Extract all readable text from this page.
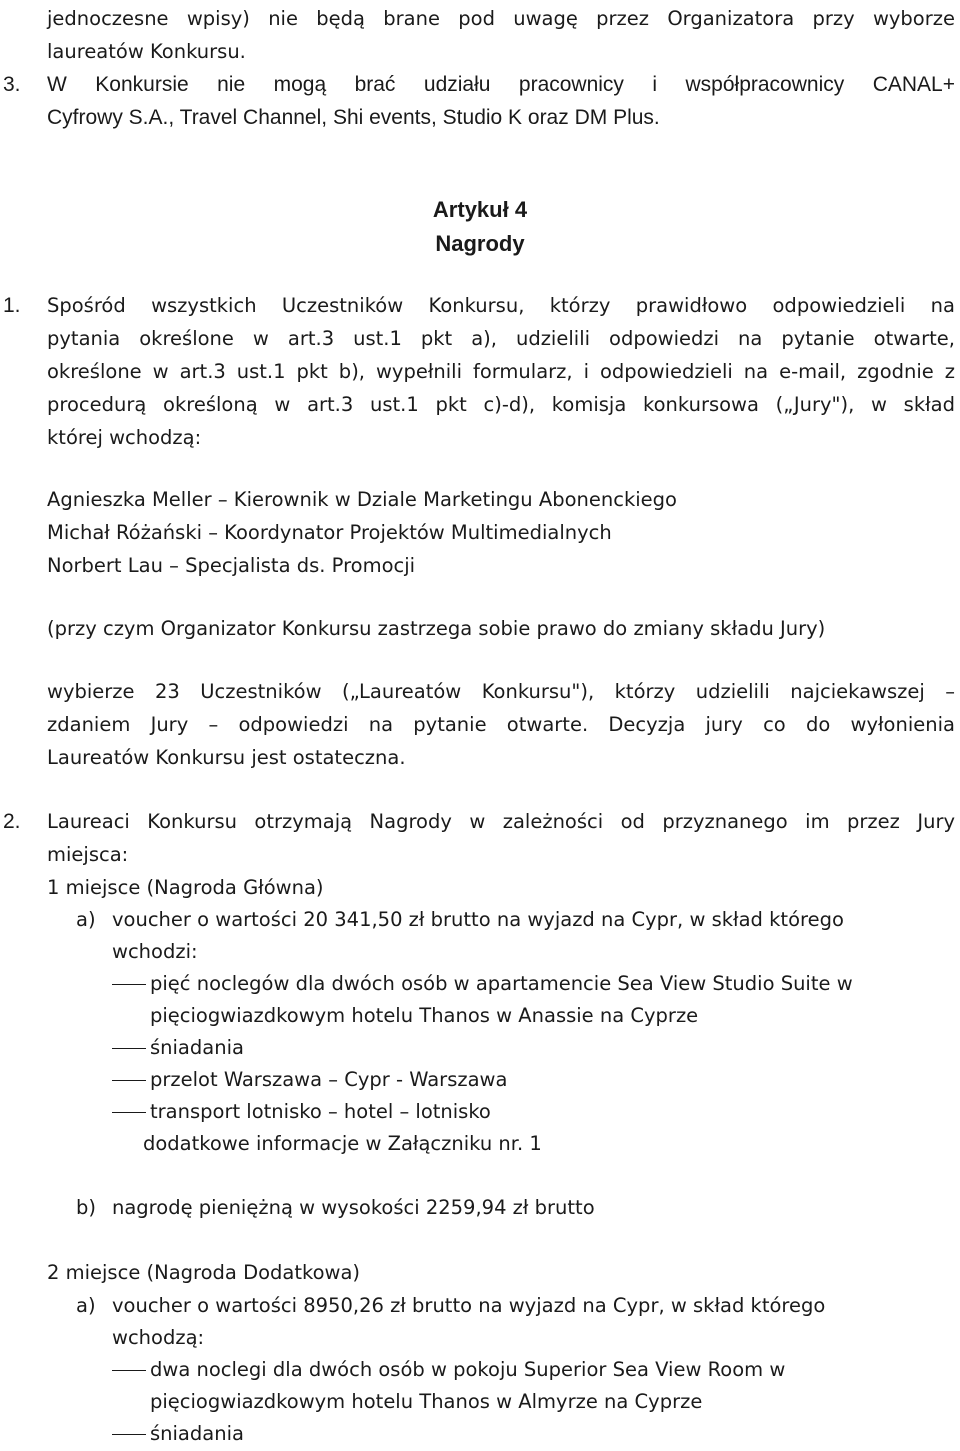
jednoczesne wpisy) nie będą brane pod uwagę przez Organizatora przy wyborze
laureatów Konkursu.
3. W Konkursie nie mogą brać udziału pracownicy i współpracownicy CANAL+
Cyfrowy S.A., Travel Channel, Shi events, Studio K oraz DM Plus.
Artykuł 4
Nagrody
1. Spośród wszystkich Uczestników Konkursu, którzy prawidłowo odpowiedzieli na
pytania określone w art.3 ust.1 pkt a), udzielili odpowiedzi na pytanie otwarte,
określone w art.3 ust.1 pkt b), wypełnili formularz, i odpowiedzieli na e-mail, zgodnie z
procedurą określoną w art.3 ust.1 pkt c)-d), komisja konkursowa („Jury"), w skład
której wchodzą:
Agnieszka Meller – Kierownik w Dziale Marketingu Abonenckiego
Michał Różański – Koordynator Projektów Multimedialnych
Norbert Lau – Specjalista ds. Promocji
(przy czym Organizator Konkursu zastrzega sobie prawo do zmiany składu Jury)
wybierze 23 Uczestników („Laureatów Konkursu"), którzy udzielili najciekawszej –
zdaniem Jury – odpowiedzi na pytanie otwarte. Decyzja jury co do wyłonienia
Laureatów Konkursu jest ostateczna.
2. Laureaci Konkursu otrzymają Nagrody w zależności od przyznanego im przez Jury
miejsca:
1 miejsce (Nagroda Główna)
a) voucher o wartości 20 341,50 zł brutto na wyjazd na Cypr, w skład którego
wchodzi:
pięć noclegów dla dwóch osób w apartamencie Sea View Studio Suite w
pięciogwiazdkowym hotelu Thanos w Anassie na Cyprze
śniadania
przelot Warszawa – Cypr - Warszawa
transport lotnisko – hotel – lotnisko
dodatkowe informacje w Załączniku nr. 1
b) nagrodę pieniężną w wysokości 2259,94 zł brutto
2 miejsce (Nagroda Dodatkowa)
a) voucher o wartości 8950,26 zł brutto na wyjazd na Cypr, w skład którego
wchodzą:
dwa noclegi dla dwóch osób w pokoju Superior Sea View Room w
pięciogwiazdkowym hotelu Thanos w Almyrze na Cyprze
śniadania
